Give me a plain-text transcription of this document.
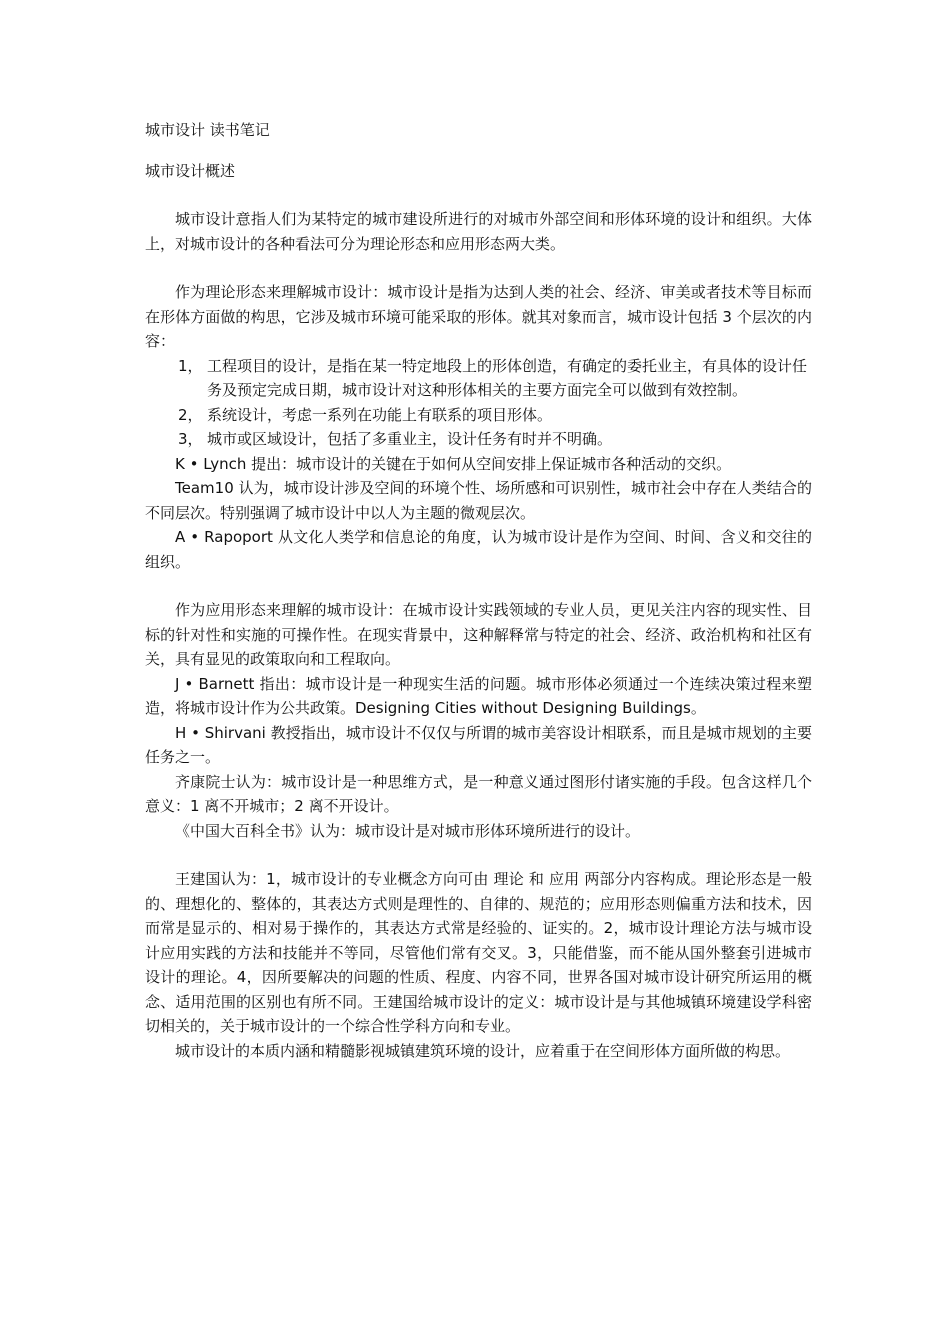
城市设计 读书笔记
城市设计概述

城市设计意指人们为某特定的城市建设所进行的对城市外部空间和形体环境的设计和组织。大体上，对城市设计的各种看法可分为理论形态和应用形态两大类。

作为理论形态来理解城市设计：城市设计是指为达到人类的社会、经济、审美或者技术等目标而在形体方面做的构思，它涉及城市环境可能采取的形体。就其对象而言，城市设计包括 3 个层次的内容：

1， 工程项目的设计，是指在某一特定地段上的形体创造，有确定的委托业主，有具体的设计任务及预定完成日期，城市设计对这种形体相关的主要方面完全可以做到有效控制。
2， 系统设计，考虑一系列在功能上有联系的项目形体。
3， 城市或区域设计，包括了多重业主，设计任务有时并不明确。

K • Lynch 提出：城市设计的关键在于如何从空间安排上保证城市各种活动的交织。

Team10 认为，城市设计涉及空间的环境个性、场所感和可识别性，城市社会中存在人类结合的不同层次。特别强调了城市设计中以人为主题的微观层次。

A • Rapoport 从文化人类学和信息论的角度，认为城市设计是作为空间、时间、含义和交往的组织。

作为应用形态来理解的城市设计：在城市设计实践领域的专业人员，更见关注内容的现实性、目标的针对性和实施的可操作性。在现实背景中，这种解释常与特定的社会、经济、政治机构和社区有关，具有显见的政策取向和工程取向。

J • Barnett 指出：城市设计是一种现实生活的问题。城市形体必须通过一个连续决策过程来塑造，将城市设计作为公共政策。Designing Cities without Designing Buildings。

H • Shirvani 教授指出，城市设计不仅仅与所谓的城市美容设计相联系，而且是城市规划的主要任务之一。

齐康院士认为：城市设计是一种思维方式，是一种意义通过图形付诸实施的手段。包含这样几个意义：1 离不开城市；2 离不开设计。

《中国大百科全书》认为：城市设计是对城市形体环境所进行的设计。

王建国认为：1，城市设计的专业概念方向可由 理论 和 应用 两部分内容构成。理论形态是一般的、理想化的、整体的，其表达方式则是理性的、自律的、规范的；应用形态则偏重方法和技术，因而常是显示的、相对易于操作的，其表达方式常是经验的、证实的。2，城市设计理论方法与城市设计应用实践的方法和技能并不等同，尽管他们常有交叉。3，只能借鉴，而不能从国外整套引进城市设计的理论。4，因所要解决的问题的性质、程度、内容不同，世界各国对城市设计研究所运用的概念、适用范围的区别也有所不同。王建国给城市设计的定义：城市设计是与其他城镇环境建设学科密切相关的，关于城市设计的一个综合性学科方向和专业。

城市设计的本质内涵和精髓影视城镇建筑环境的设计，应着重于在空间形体方面所做的构思。
